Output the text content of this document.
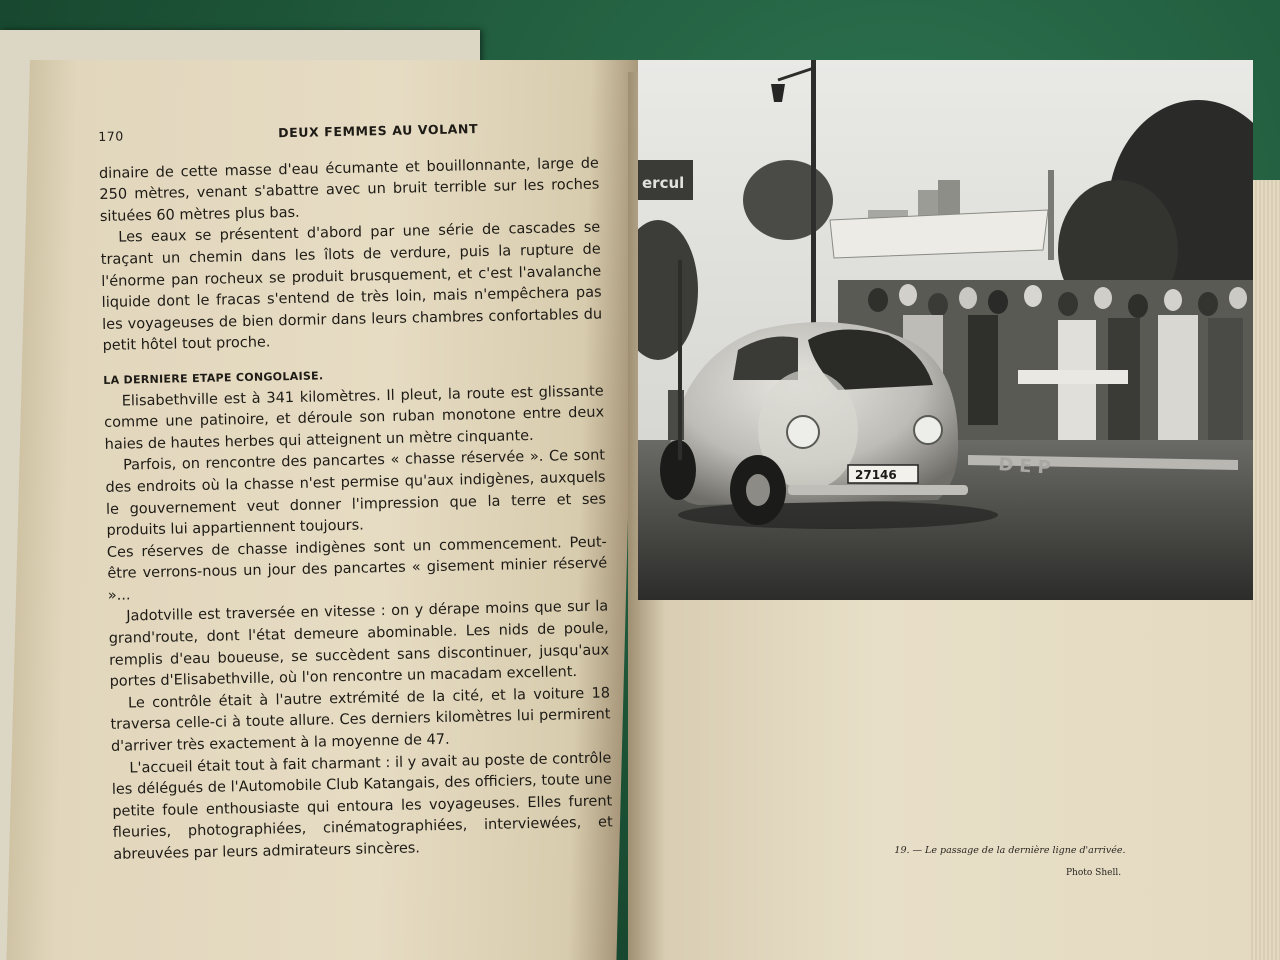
170	DEUX FEMMES AU VOLANT

dinaire de cette masse d'eau écumante et bouillonnante, large de 250 mètres, venant s'abattre avec un bruit terrible sur les roches situées 60 mètres plus bas.

Les eaux se présentent d'abord par une série de cascades se traçant un chemin dans les îlots de verdure, puis la rupture de l'énorme pan rocheux se produit brusquement, et c'est l'avalanche liquide dont le fracas s'entend de très loin, mais n'empêchera pas les voyageuses de bien dormir dans leurs chambres confortables du petit hôtel tout proche.

LA DERNIERE ETAPE CONGOLAISE.

Elisabethville est à 341 kilomètres. Il pleut, la route est glissante comme une patinoire, et déroule son ruban monotone entre deux haies de hautes herbes qui atteignent un mètre cinquante.

Parfois, on rencontre des pancartes « chasse réservée ». Ce sont des endroits où la chasse n'est permise qu'aux indigènes, auxquels le gouvernement veut donner l'impression que la terre et ses produits lui appartiennent toujours.

Ces réserves de chasse indigènes sont un commencement. Peut-être verrons-nous un jour des pancartes « gisement minier réservé »...

Jadotville est traversée en vitesse : on y dérape moins que sur la grand'route, dont l'état demeure abominable. Les nids de poule, remplis d'eau boueuse, se succèdent sans discontinuer, jusqu'aux portes d'Elisabethville, où l'on rencontre un macadam excellent.

Le contrôle était à l'autre extrémité de la cité, et la voiture 18 traversa celle-ci à toute allure. Ces derniers kilomètres lui permirent d'arriver très exactement à la moyenne de 47.

L'accueil était tout à fait charmant : il y avait au poste de contrôle les délégués de l'Automobile Club Katangais, des officiers, toute une petite foule enthousiaste qui entoura les voyageuses. Elles furent fleuries, photographiées, cinématographiées, interviewées, et abreuvées par leurs admirateurs sincères.

ercul
DEP
27146
19. — Le passage de la dernière ligne d'arrivée.
Photo Shell.
